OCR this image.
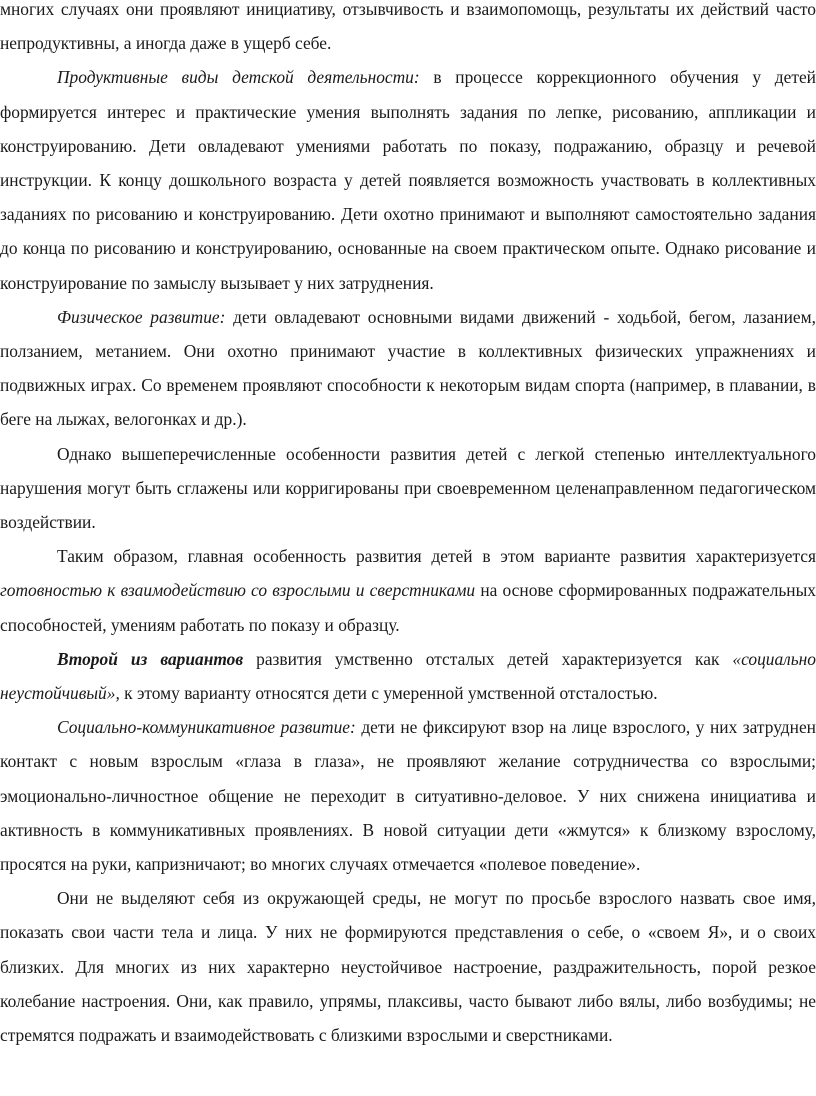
многих случаях они проявляют инициативу, отзывчивость и взаимопомощь, результаты их действий часто непродуктивны, а иногда даже в ущерб себе.

Продуктивные виды детской деятельности: в процессе коррекционного обучения у детей формируется интерес и практические умения выполнять задания по лепке, рисованию, аппликации и конструированию. Дети овладевают умениями работать по показу, подражанию, образцу и речевой инструкции. К концу дошкольного возраста у детей появляется возможность участвовать в коллективных заданиях по рисованию и конструированию. Дети охотно принимают и выполняют самостоятельно задания до конца по рисованию и конструированию, основанные на своем практическом опыте. Однако рисование и конструирование по замыслу вызывает у них затруднения.

Физическое развитие: дети овладевают основными видами движений - ходьбой, бегом, лазанием, ползанием, метанием. Они охотно принимают участие в коллективных физических упражнениях и подвижных играх. Со временем проявляют способности к некоторым видам спорта (например, в плавании, в беге на лыжах, велогонках и др.).

Однако вышеперечисленные особенности развития детей с легкой степенью интеллектуального нарушения могут быть сглажены или корригированы при своевременном целенаправленном педагогическом воздействии.

Таким образом, главная особенность развития детей в этом варианте развития характеризуется готовностью к взаимодействию со взрослыми и сверстниками на основе сформированных подражательных способностей, умениям работать по показу и образцу.

Второй из вариантов развития умственно отсталых детей характеризуется как «социально неустойчивый», к этому варианту относятся дети с умеренной умственной отсталостью.

Социально-коммуникативное развитие: дети не фиксируют взор на лице взрослого, у них затруднен контакт с новым взрослым «глаза в глаза», не проявляют желание сотрудничества со взрослыми; эмоционально-личностное общение не переходит в ситуативно-деловое. У них снижена инициатива и активность в коммуникативных проявлениях. В новой ситуации дети «жмутся» к близкому взрослому, просятся на руки, капризничают; во многих случаях отмечается «полевое поведение».

Они не выделяют себя из окружающей среды, не могут по просьбе взрослого назвать свое имя, показать свои части тела и лица. У них не формируются представления о себе, о «своем Я», и о своих близких. Для многих из них характерно неустойчивое настроение, раздражительность, порой резкое колебание настроения. Они, как правило, упрямы, плаксивы, часто бывают либо вялы, либо возбудимы; не стремятся подражать и взаимодействовать с близкими взрослыми и сверстниками.
